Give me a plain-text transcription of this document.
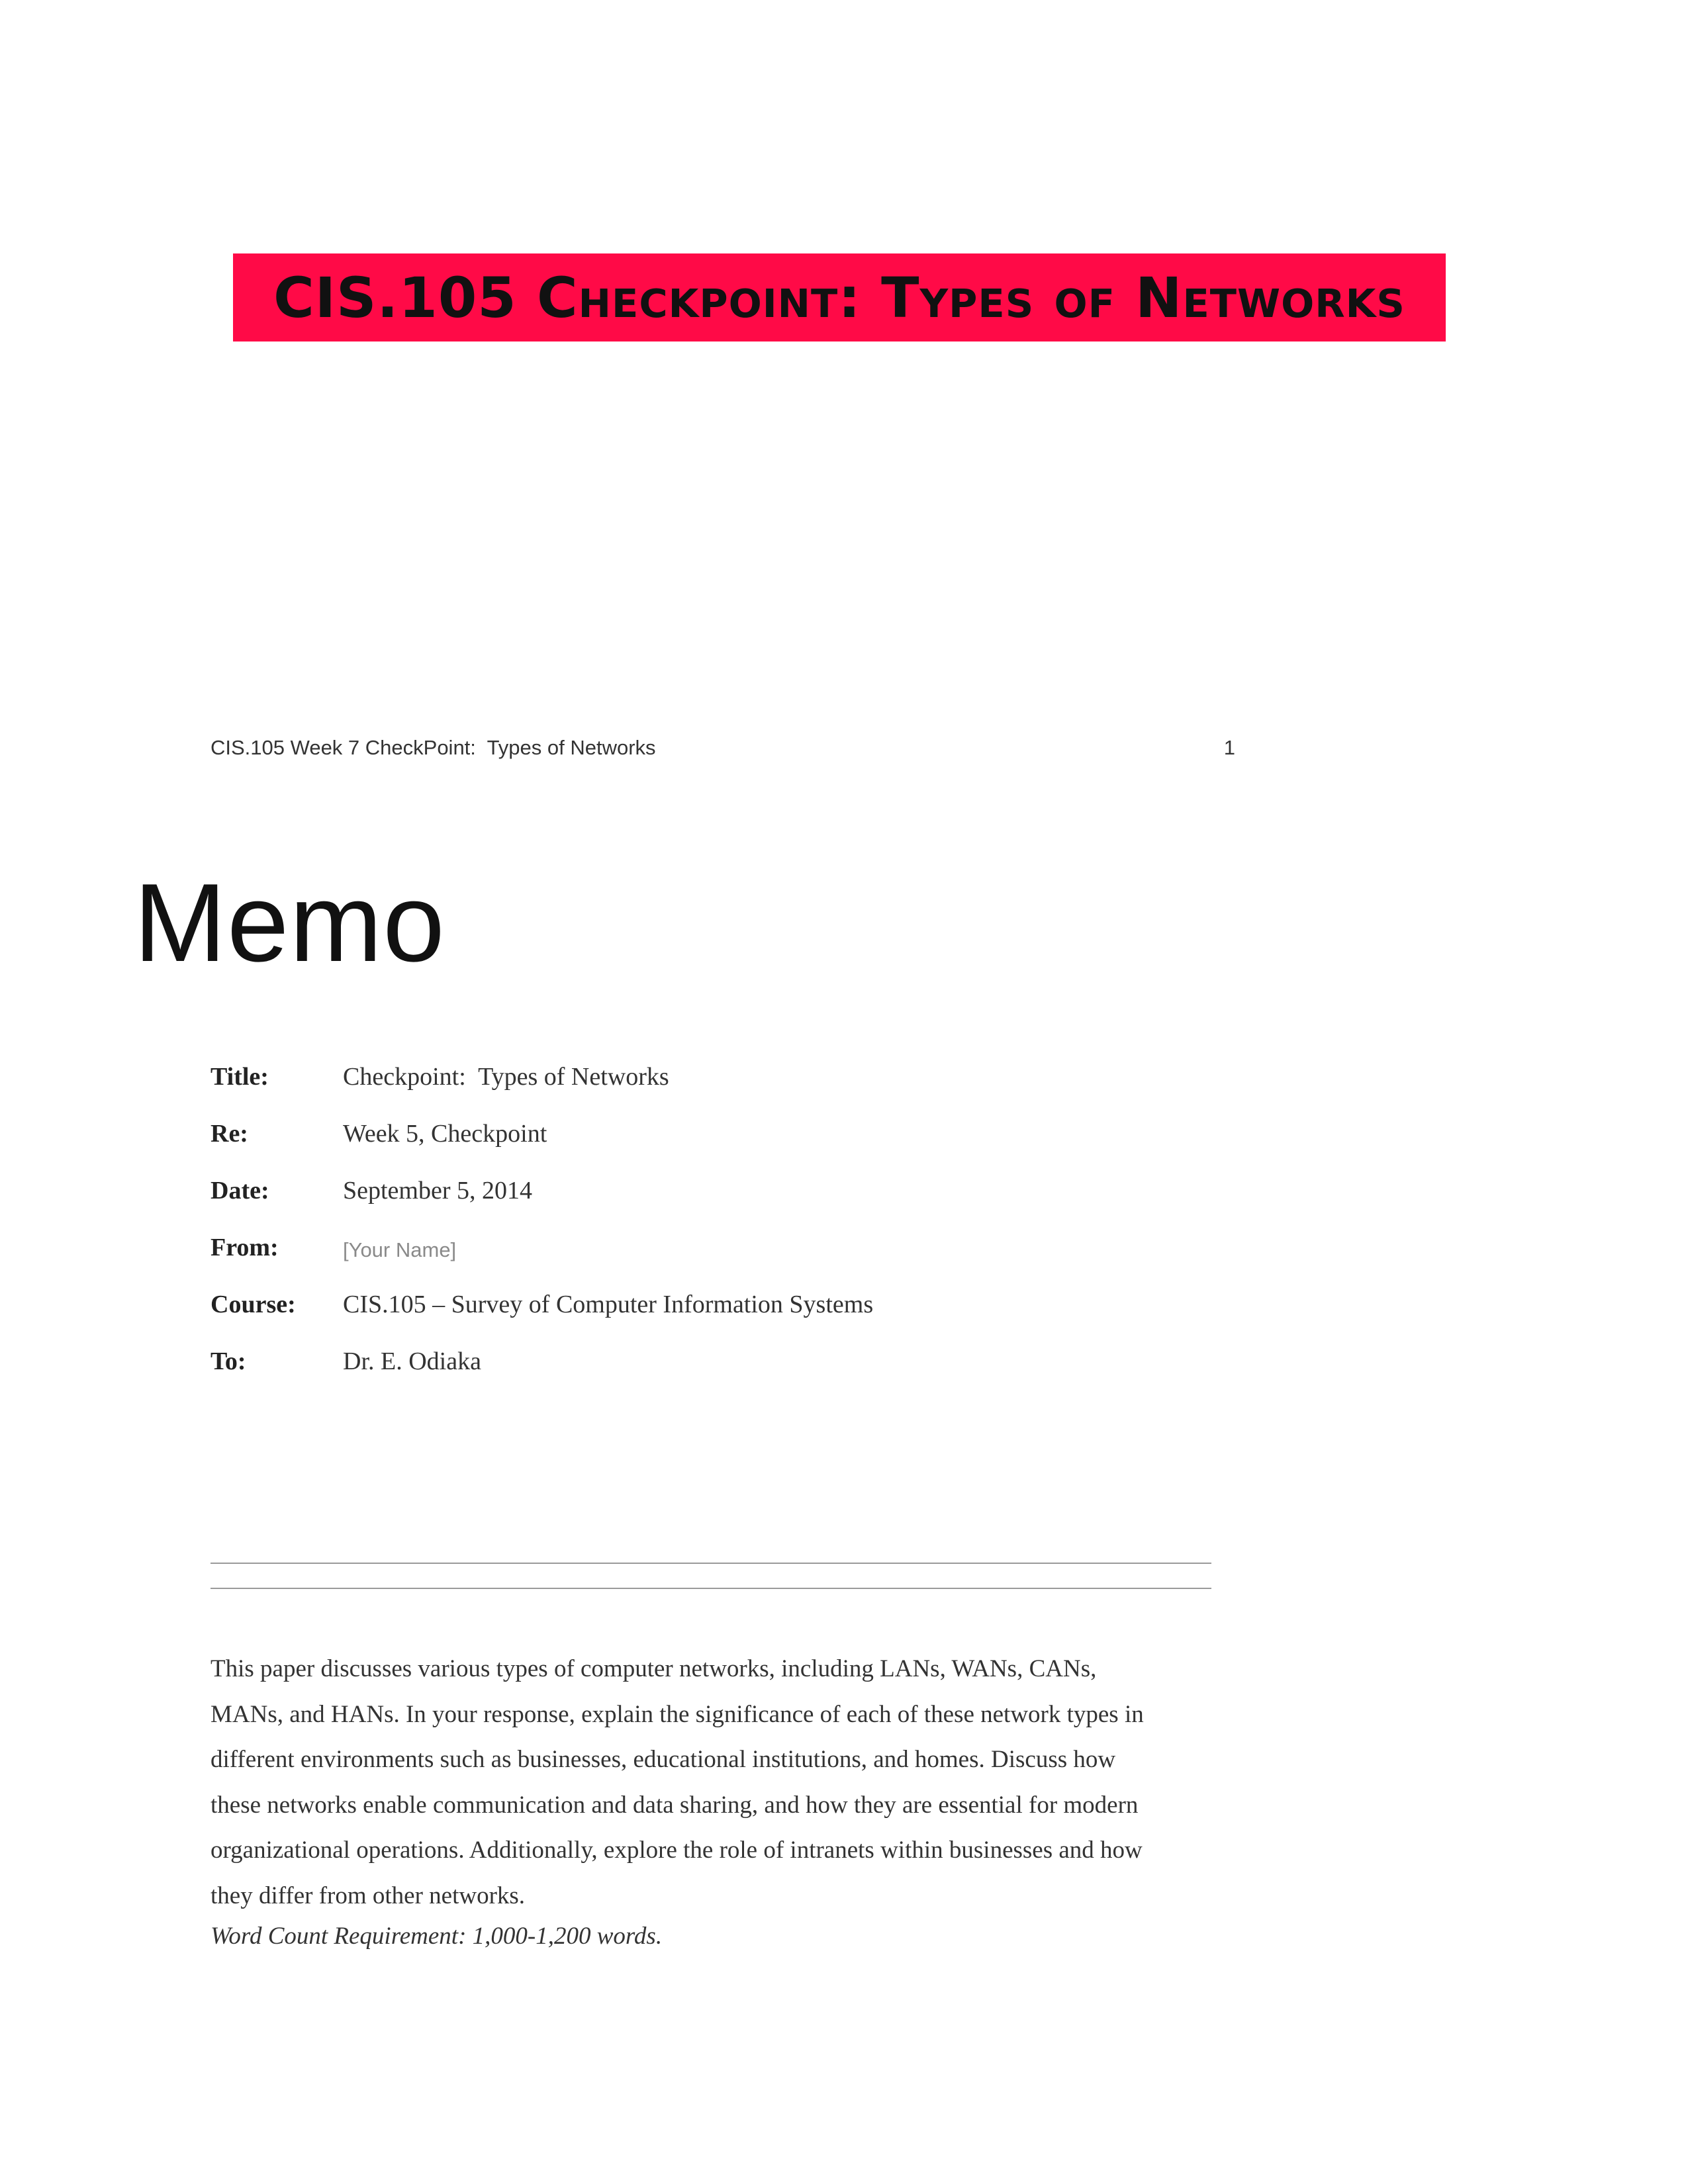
CIS.105 Checkpoint: Types of Networks
CIS.105 Week 7 CheckPoint:  Types of Networks	1
Memo
Title:	Checkpoint:  Types of Networks
Re:	Week 5, Checkpoint
Date:	September 5, 2014
From:	[Your Name]
Course: CIS.105 – Survey of Computer Information Systems
To:	Dr. E. Odiaka
This paper discusses various types of computer networks, including LANs, WANs, CANs,
MANs, and HANs. In your response, explain the significance of each of these network types in
different environments such as businesses, educational institutions, and homes. Discuss how
these networks enable communication and data sharing, and how they are essential for modern
organizational operations. Additionally, explore the role of intranets within businesses and how
they differ from other networks.
Word Count Requirement: 1,000-1,200 words.
